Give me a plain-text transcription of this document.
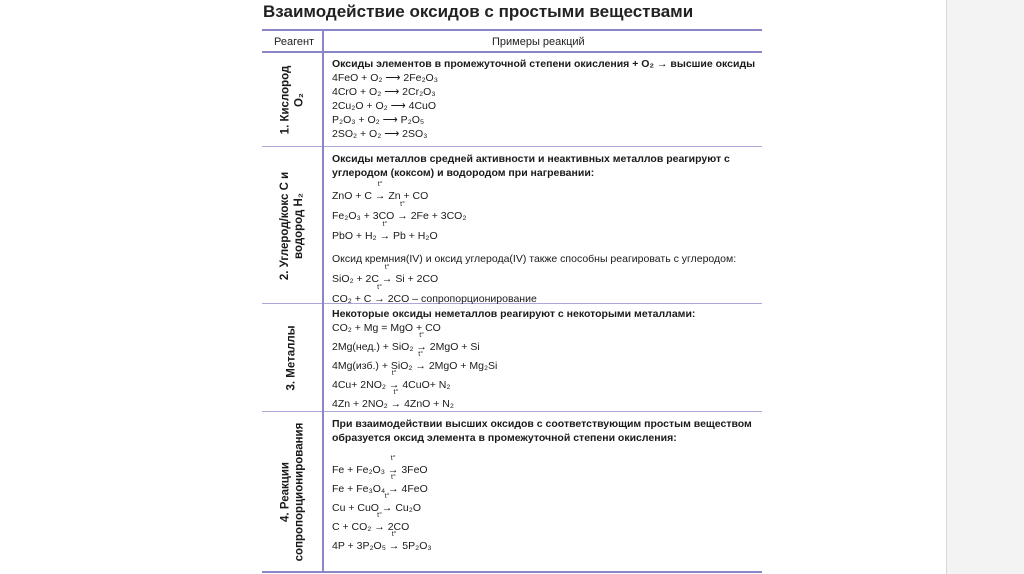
Взаимодействие оксидов с простыми веществами
Реагент	Примеры реакций
1. Кислород O₂
Оксиды элементов в промежуточной степени окисления + O₂ → высшие оксиды
4FeO + O₂ ⟶ 2Fe₂O₃
4CrO + O₂ ⟶ 2Cr₂O₃
2Cu₂O + O₂ ⟶ 4CuO
P₂O₃ + O₂ ⟶ P₂O₅
2SO₂ + O₂ ⟶ 2SO₃
2. Углерод/кокс C и водород H₂
Оксиды металлов средней активности и неактивных металлов реагируют с
углеродом (коксом) и водородом при нагревании:
ZnO + C
t°
→ Zn + CO
Fe₂O₃ + 3CO
t°
→ 2Fe + 3CO₂
PbO + H₂
t°
→ Pb + H₂O
Оксид кремния(IV) и оксид углерода(IV) также способны реагировать с углеродом:
SiO₂ + 2C
t°
→ Si + 2CO
CO₂ + C
t°
→ 2CO – сопропорционирование
3. Металлы
Некоторые оксиды неметаллов реагируют с некоторыми металлами:
CO₂ + Mg = MgO + CO
2Mg(нед.) + SiO₂
t°
→ 2MgO + Si
4Mg(изб.) + SiO₂
t°
→ 2MgO + Mg₂Si
4Cu+ 2NO₂
t°
→ 4CuO+ N₂
4Zn + 2NO₂
t°
→ 4ZnO + N₂
4. Реакции сопропорционирования	При взаимодействии высших оксидов с соответствующим простым веществом
образуется оксид элемента в промежуточной степени окисления:
Fe + Fe₂O₃
t°
→ 3FeO
Fe + Fe₃O₄
t°
→ 4FeO
Cu + CuO
t°
→ Cu₂O
C + CO₂
t°
→ 2CO
4P + 3P₂O₅
t°
→ 5P₂O₃
